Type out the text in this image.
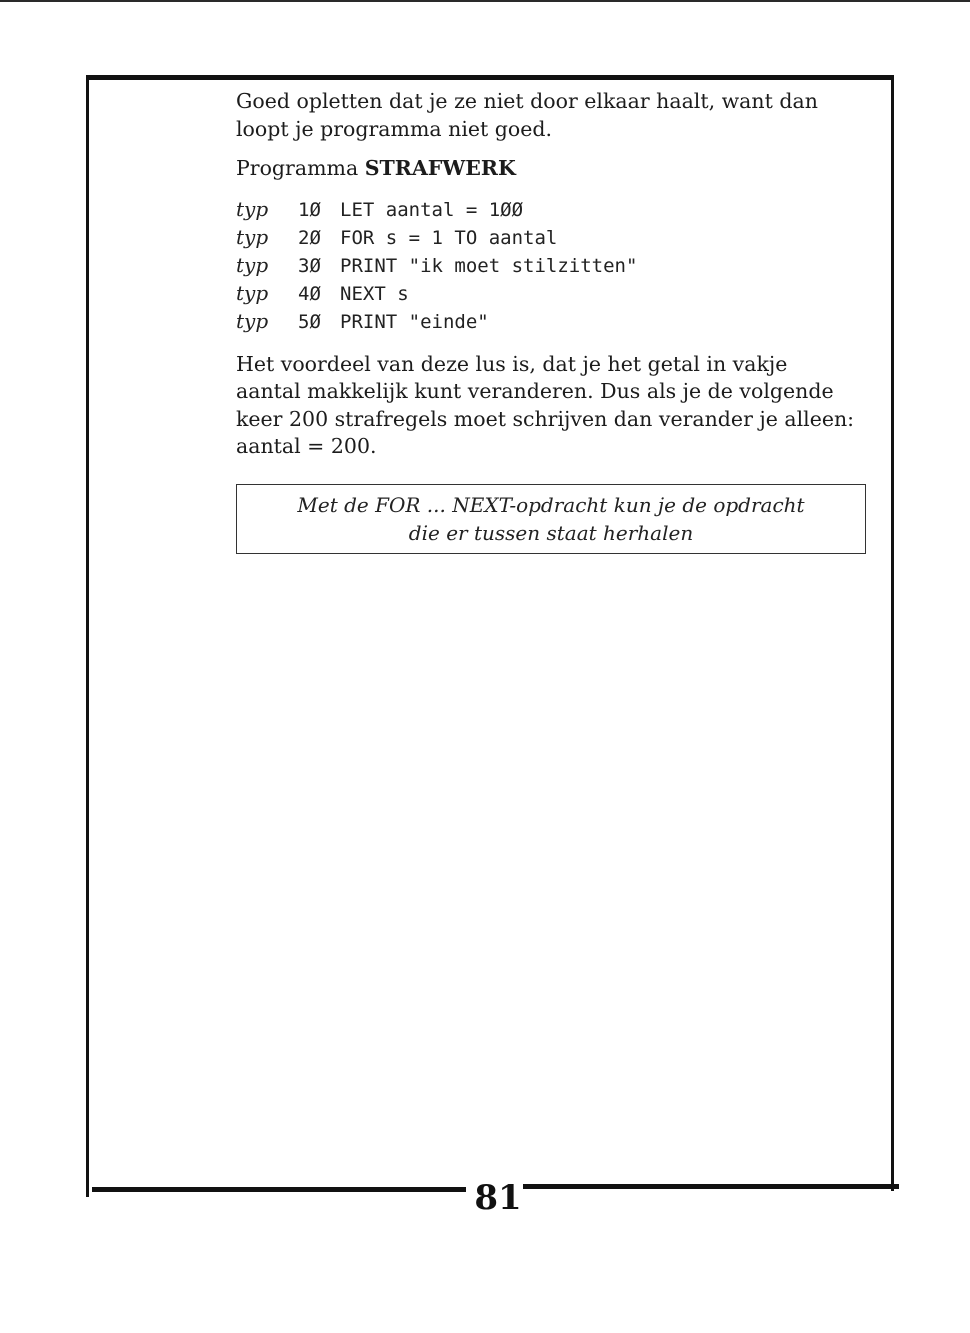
Goed opletten dat je ze niet door elkaar haalt, want dan loopt je programma niet goed.

Programma STRAFWERK

typ	1Ø	LET aantal = 1ØØ
typ	2Ø	FOR s = 1 TO aantal
typ	3Ø	PRINT "ik moet stilzitten"
typ	4Ø	NEXT s
typ	5Ø	PRINT "einde"

Het voordeel van deze lus is, dat je het getal in vakje aantal makkelijk kunt veranderen. Dus als je de volgende keer 200 strafregels moet schrijven dan verander je alleen: aantal = 200.

Met de FOR ... NEXT-opdracht kun je de opdracht
die er tussen staat herhalen
81
